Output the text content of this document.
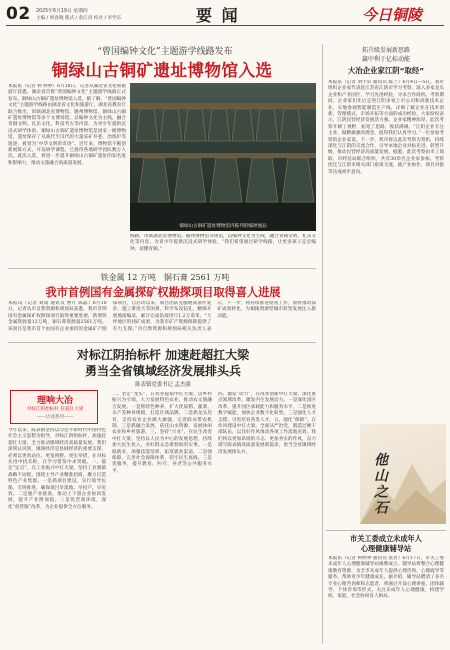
02 2025年6月19日 星期四
主编 / 周春晓 版式 / 余江涛 校对 / 李学东	要 闻	今日铜陵
“曾国编钟文化”主题游学线路发布
铜绿山古铜矿遗址博物馆入选
本报讯（记者 柯 婷婷）6月18日，记者从湖北省文化和旅游厅获悉，湖北省首批“曾国编钟文化”主题游学线路正式发布，铜绿山古铜矿遗址博物馆入选。据了解，“曾国编钟文化”主题游学线路由湖北省文化和旅游厅、湖北省教育厅联合推出，串联湖北省博物馆、随州博物馆、铜绿山古铜矿遗址博物馆等多个文博场馆，以编钟文化为主线，融合青铜文明、礼乐文化、科技考古等内容，为青少年提供沉浸式研学体验。铜绿山古铜矿遗址博物馆是国家一级博物馆，遗址保存了从商代至汉代的大量采矿井巷、冶炼炉等遗迹，被誉为“中华文明的奇迹”。近年来，博物馆不断创新展陈方式，开发研学课程，已接待各地研学团队数万人次。此次入选，将进一步提升铜绿山古铜矿遗址的知名度和影响力，推动文旅融合高质量发展。
铜绿山古铜矿遗址博物馆内陈列的编钟展品
线路，串联湖北省博物馆、随州博物馆等场馆，以编钟文化为主线，融合青铜文明、礼乐文化等内容，为青少年提供沉浸式研学体验。“我们希望通过研学线路，让更多孩子走近编钟、读懂青铜。”
铁金属 12 万吨　铜石膏 2561 万吨
我市首例国有金属探矿权勘探项目取得喜人进展
本报讯（记者 刘雨 通讯员 曹月 陈磊）6月18日，记者从市自然资源和规划局获悉，我市首例国有金属探矿权勘探项目取得重要进展，新增铁金属资源量12万吨，铜石膏资源量2561万吨。该项目是我市首个由国有企业承担的金属矿产勘探项目，自启动以来，项目团队克服地质条件复杂、施工难度大等困难，科学布设钻孔，精细开展地质编录，累计完成钻探进尺1.2万余米。“大坪地区的找矿成果，为我市矿产资源保障提供了有力支撑。”市自然资源和规划局相关负责人表示，下一步，将持续推进勘查工作，加快推动探矿成果转化，为铜陵资源型城市转型发展注入新动能。
对标江阴抬标杆 加速赶超扛大梁
勇当全省镇域经济发展排头兵
陈表镇党委书记 孟杰强
理响大冶
对标江阴抬标杆 赶超扛大梁
——访谈系列——
今年以来，陈表镇坚持以习近平新时代中国特色社会主义思想为指导，对标江阴抬标杆，加速赶超扛大梁，全力推动镇域经济高质量发展。我们深刻认识到，镇域经济是县域经济的重要支撑，必须以更高站位、更宽视野、更实举措，在对标先进中找差距，在学习借鉴中求突破。一、锚定“定点”，在工业振兴中扛大梁。坚持工业强镇战略不动摇，围绕主导产业精准招商，聚力打造特色产业集群。一是抓项目建设，实行领导包保、专班推进，确保项目早落地、早投产、早见效。二是强产业链条，推动上下游企业协同发展，提升产业附加值。三是优营商环境，深化“放管服”改革，为企业提供全方位服务。
二、坚定“龙头”，在农业提质中扛大梁。以乡村振兴为引领，大力发展特色农业，推动农文旅融合发展。一是抓特色种养，扩大优质稻、蔬菜、水产等种养规模，打造区域品牌。二是抓龙头培育，支持农业企业做大做强，完善联农带农机制。三是抓融合发展，依托山水资源，发展休闲农业和乡村旅游。三、坚持“兴业”，在民生改善中扛大梁。坚持以人民为中心的发展思想，持续加大民生投入，办好群众急难愁盼的实事。一是稳就业，加强技能培训，拓宽就业渠道。二是强保障，完善社会保障体系，兜牢民生底线。三是优服务，提升教育、医疗、养老等公共服务水平。
四、激发“动力”，在改革创新中扛大梁。深化重点领域改革，激发内生发展动力。一是深化园区改革，提升园区承载能力和服务水平。二是推进数字赋能，加快企业数字化转型。三是强化人才支撑，引进培育各类人才。五、强化“保障”，在作风建设中扛大梁。全面从严治党，锻造过硬干部队伍，以良好作风推动各项工作落地见效。我们将以更加昂扬的斗志、更加务实的作风，奋力谱写陈表镇高质量发展新篇章，勇当全省镇域经济发展排头兵。
拓升级发展新思路
赢中利于亿标动能
大冶企业家江阴“取经”
本报讯（记者 刘宇轩 通讯员 陈兰）6月4日—5日，我市组织企业家代表赴江苏省江阴市学习考察，深入多家龙头企业和产业园区，学习先进经验，寻求合作商机。考察期间，企业家们先后走进江阴多家上市公司和高新技术企业，实地参观智能制造生产线，详细了解企业在技术创新、管理模式、市场开拓等方面的成功经验。大家纷纷表示，江阴民营经济发展活力强、企业家精神浓厚，此次考察开阔了视野、拓宽了思路，收获满满。“江阴企业专注主业、做精做强的理念，值得我们认真学习。”一位参加考察的企业家说。下一步，我市将以此次考察为契机，持续深化与江阴的交流合作，引导本地企业对标先进、转型升级，推动民营经济高质量发展。据悉，此次考察由市工商联、市经信局联合组织，共有30余名企业家参加。考察团还与江阴市相关部门座谈交流，就产业协作、项目对接等达成初步意向。
他山之石
市关工委成立未成年人
心理健康辅导站
本报讯（记者 柯婷婷 通讯员 张君）6月17日，市关工委未成年人心理健康辅导站揭牌成立。辅导站将整合心理健康教育资源，为全市未成年人提供心理咨询、心理疏导等服务，帮助青少年健康成长。据介绍，辅导站聘请了多名专业心理咨询师和志愿者，将通过开设心理讲座、团体辅导、个体咨询等形式，关注未成年人心理健康，构建学校、家庭、社会协同育人格局。
